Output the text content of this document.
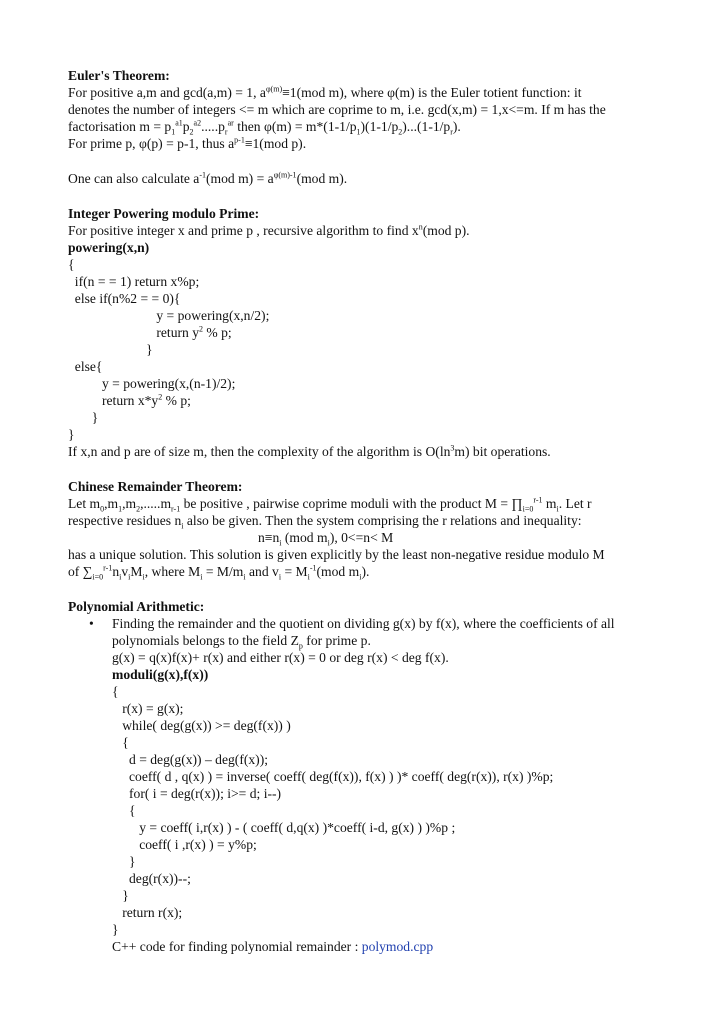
Euler's Theorem:
For positive a,m and gcd(a,m) = 1, $a^{\varphi(m)}\equiv 1(mod$ m), where φ(m) is the Euler totient function: it
denotes the number of integers <= m which are coprime to m, i.e. gcd(x,m) = 1,x<=m. If m has the
factorisation $m = p_1^{a1}p_2^{a2}.....p_r^{ar}$ then $\varphi(m) = m*(1-1/p_1)(1-1/p_2)...(1-1/p_r)$.
For prime p, φ(p) = p-1, thus $a^{p-1}\equiv 1(mod$ p).
One can also calculate $a^{-1}(mod$ $m) = a^{\varphi(m)-1}(mod$ m).
Integer Powering modulo Prime:
For positive integer x and prime p , recursive algorithm to find $x^n(mod$ p).
powering(x,n)
{
if(n = = 1) return x%p;
else if(n%2 = = 0){
y = powering(x,n/2);
return $y^2$ % p;
}
else{
y = powering(x,(n-1)/2);
return $x*y^2$ % p;
}
}
If x,n and p are of size m, then the complexity of the algorithm is $O(\ln^3m)$ bit operations.
Chinese Remainder Theorem:
Let $m_0,m_1,m_2,.....m_{r-1}$ be positive , pairwise coprime moduli with the product $M = \prod_{i=0}^{r-1}$ $m_i$. Let r
respective residues $n_i$ also be given. Then the system comprising the r relations and inequality:
$n\equiv n_i$ (mod $m_i$), 0<=n< M
has a unique solution. This solution is given explicitly by the least non-negative residue modulo M
of $\sum_{i=0}^{r-1}n_iv_iM_i$, where $M_i = M/m_i$ and $v_i = M_i^{-1}(mod$ $m_i$).
Polynomial Arithmetic:
• Finding the remainder and the quotient on dividing g(x) by f(x), where the coefficients of all
polynomials belongs to the field $Z_p$ for prime p.
g(x) = q(x)f(x)+ r(x) and either r(x) = 0 or deg r(x) < deg f(x).
moduli(g(x),f(x))
{
r(x) = g(x);
while( deg(g(x)) >= deg(f(x)) )
{
d = deg(g(x)) – deg(f(x));
coeff( d , q(x) ) = inverse( coeff( deg(f(x)), f(x) ) )* coeff( deg(r(x)), r(x) )%p;
for( i = deg(r(x)); i>= d; i--)
{
y = coeff( i,r(x) ) - ( coeff( d,q(x) )*coeff( i-d, g(x) ) )%p ;
coeff( i ,r(x) ) = y%p;
}
deg(r(x))--;
}
return r(x);
}
C++ code for finding polynomial remainder : polymod.cpp
